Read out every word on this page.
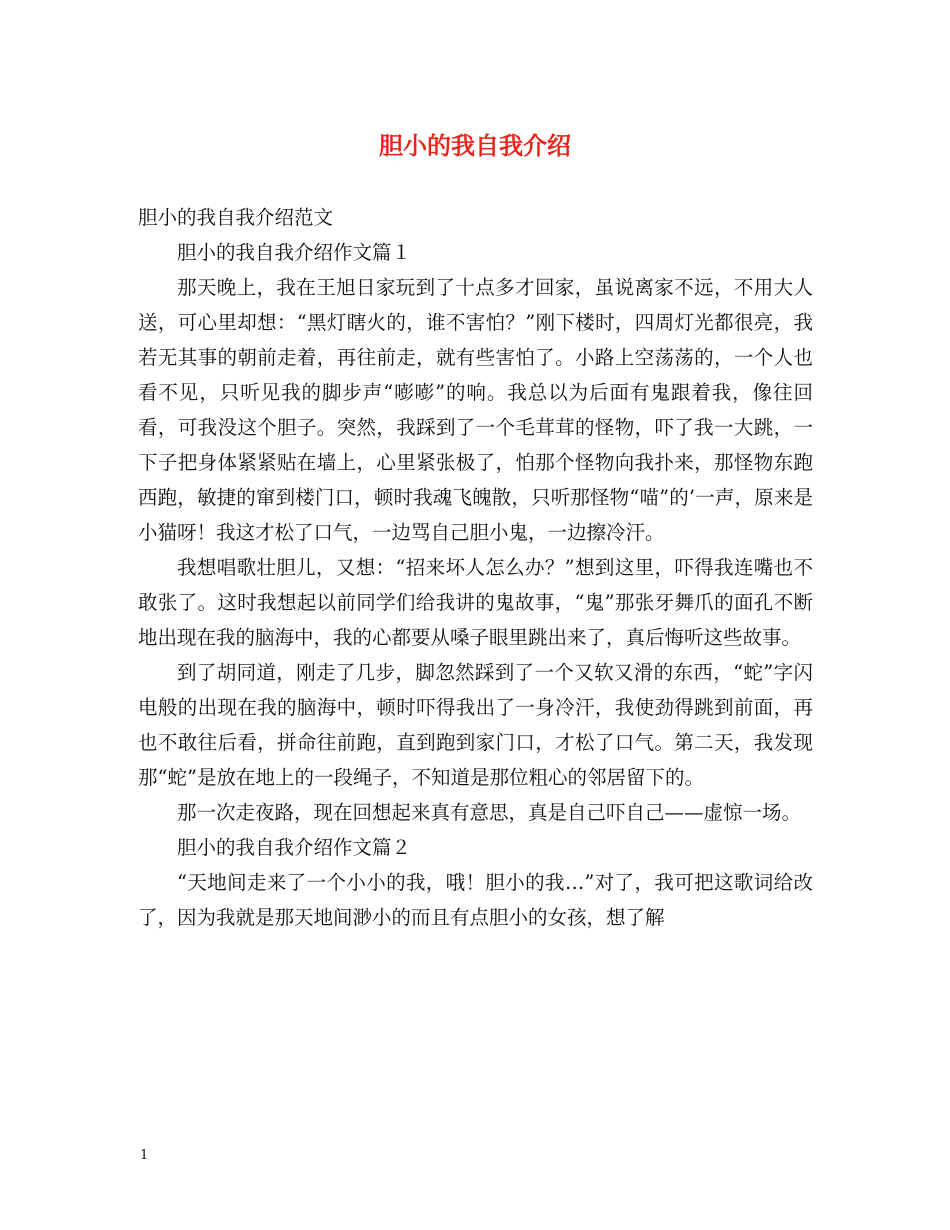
胆小的我自我介绍

胆小的我自我介绍范文

胆小的我自我介绍作文篇１

那天晚上，我在王旭日家玩到了十点多才回家，虽说离家不远，不用大人送，可心里却想：“黑灯瞎火的，谁不害怕？”刚下楼时，四周灯光都很亮，我若无其事的朝前走着，再往前走，就有些害怕了。小路上空荡荡的，一个人也看不见，只听见我的脚步声“嘭嘭”的响。我总以为后面有鬼跟着我，像往回看，可我没这个胆子。突然，我踩到了一个毛茸茸的怪物，吓了我一大跳，一下子把身体紧紧贴在墙上，心里紧张极了，怕那个怪物向我扑来，那怪物东跑西跑，敏捷的窜到楼门口，顿时我魂飞魄散，只听那怪物“喵”的’一声，原来是小猫呀！我这才松了口气，一边骂自己胆小鬼，一边擦冷汗。

我想唱歌壮胆儿，又想：“招来坏人怎么办？”想到这里，吓得我连嘴也不敢张了。这时我想起以前同学们给我讲的鬼故事，“鬼”那张牙舞爪的面孔不断地出现在我的脑海中，我的心都要从嗓子眼里跳出来了，真后悔听这些故事。

到了胡同道，刚走了几步，脚忽然踩到了一个又软又滑的东西，“蛇”字闪电般的出现在我的脑海中，顿时吓得我出了一身冷汗，我使劲得跳到前面，再也不敢往后看，拼命往前跑，直到跑到家门口，才松了口气。第二天，我发现那“蛇”是放在地上的一段绳子，不知道是那位粗心的邻居留下的。

那一次走夜路，现在回想起来真有意思，真是自己吓自己——虚惊一场。

胆小的我自我介绍作文篇２

“天地间走来了一个小小的我，哦！胆小的我…”对了，我可把这歌词给改了，因为我就是那天地间渺小的而且有点胆小的女孩，想了解

1
